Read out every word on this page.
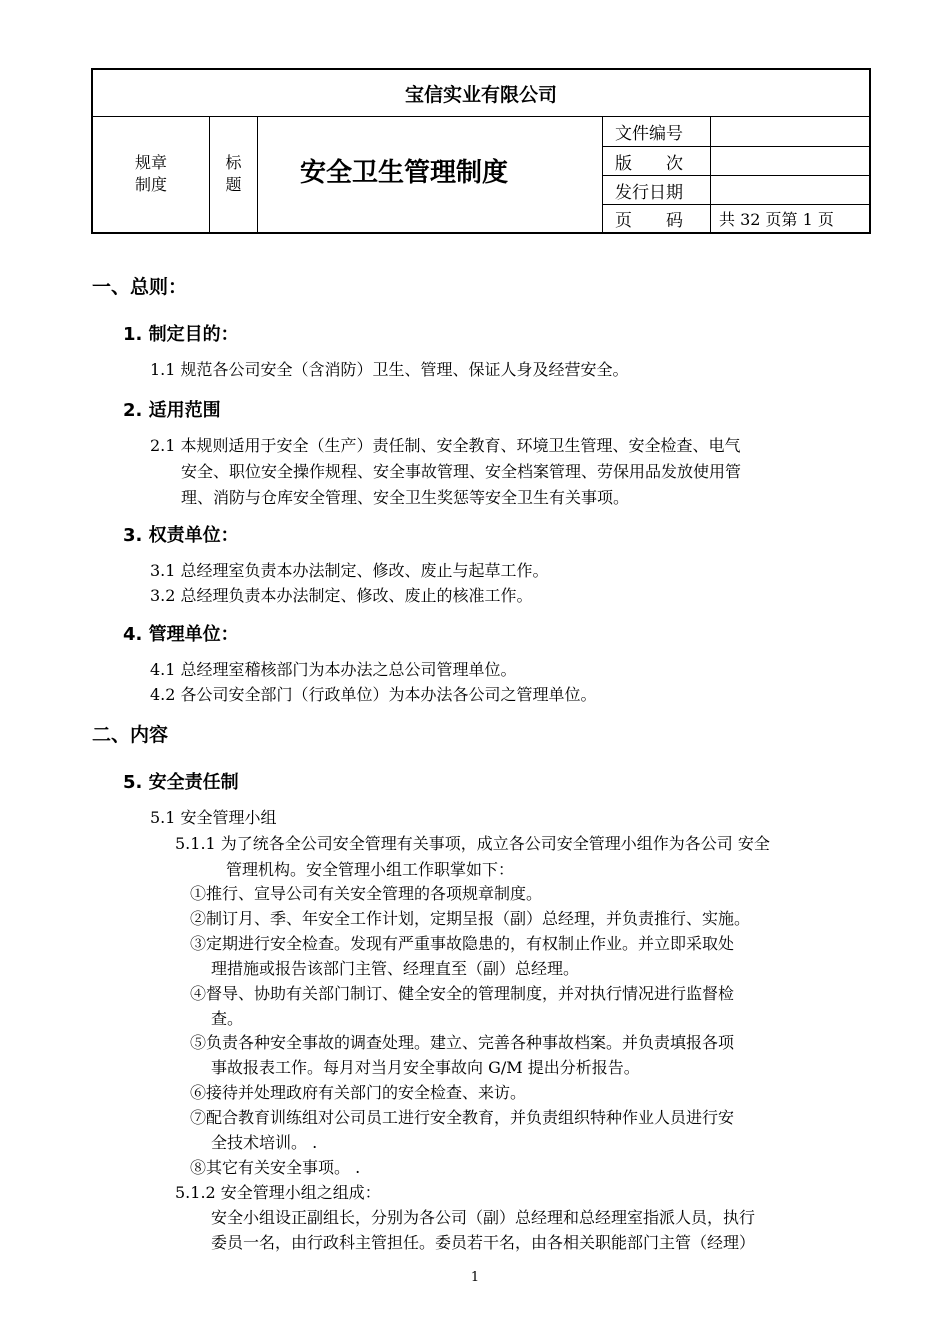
宝信实业有限公司
规章
制度
标
题	安全卫生管理制度
文件编号
版　　次
发行日期
页　　码 共 32 页第 1 页
一、总则：
1. 制定目的：
1.1 规范各公司安全（含消防）卫生、管理、保证人身及经营安全。
2. 适用范围
2.1 本规则适用于安全（生产）责任制、安全教育、环境卫生管理、安全检查、电气
安全、职位安全操作规程、安全事故管理、安全档案管理、劳保用品发放使用管
理、消防与仓库安全管理、安全卫生奖惩等安全卫生有关事项。
3. 权责单位：
3.1 总经理室负责本办法制定、修改、废止与起草工作。
3.2 总经理负责本办法制定、修改、废止的核准工作。
4. 管理单位：
4.1 总经理室稽核部门为本办法之总公司管理单位。
4.2 各公司安全部门（行政单位）为本办法各公司之管理单位。
二、内容
5. 安全责任制
5.1 安全管理小组
5.1.1 为了统各全公司安全管理有关事项，成立各公司安全管理小组作为各公司 安全
管理机构。安全管理小组工作职掌如下：
①推行、宣导公司有关安全管理的各项规章制度。
②制订月、季、年安全工作计划，定期呈报（副）总经理，并负责推行、实施。
③定期进行安全检查。发现有严重事故隐患的，有权制止作业。并立即采取处
理措施或报告该部门主管、经理直至（副）总经理。
④督导、协助有关部门制订、健全安全的管理制度，并对执行情况进行监督检
查。
⑤负责各种安全事故的调查处理。建立、完善各种事故档案。并负责填报各项
事故报表工作。每月对当月安全事故向 G/M 提出分析报告。
⑥接待并处理政府有关部门的安全检查、来访。
⑦配合教育训练组对公司员工进行安全教育，并负责组织特种作业人员进行安
全技术培训。 .
⑧其它有关安全事项。 .
5.1.2 安全管理小组之组成：
安全小组设正副组长，分别为各公司（副）总经理和总经理室指派人员，执行
委员一名，由行政科主管担任。委员若干名，由各相关职能部门主管（经理）
1
